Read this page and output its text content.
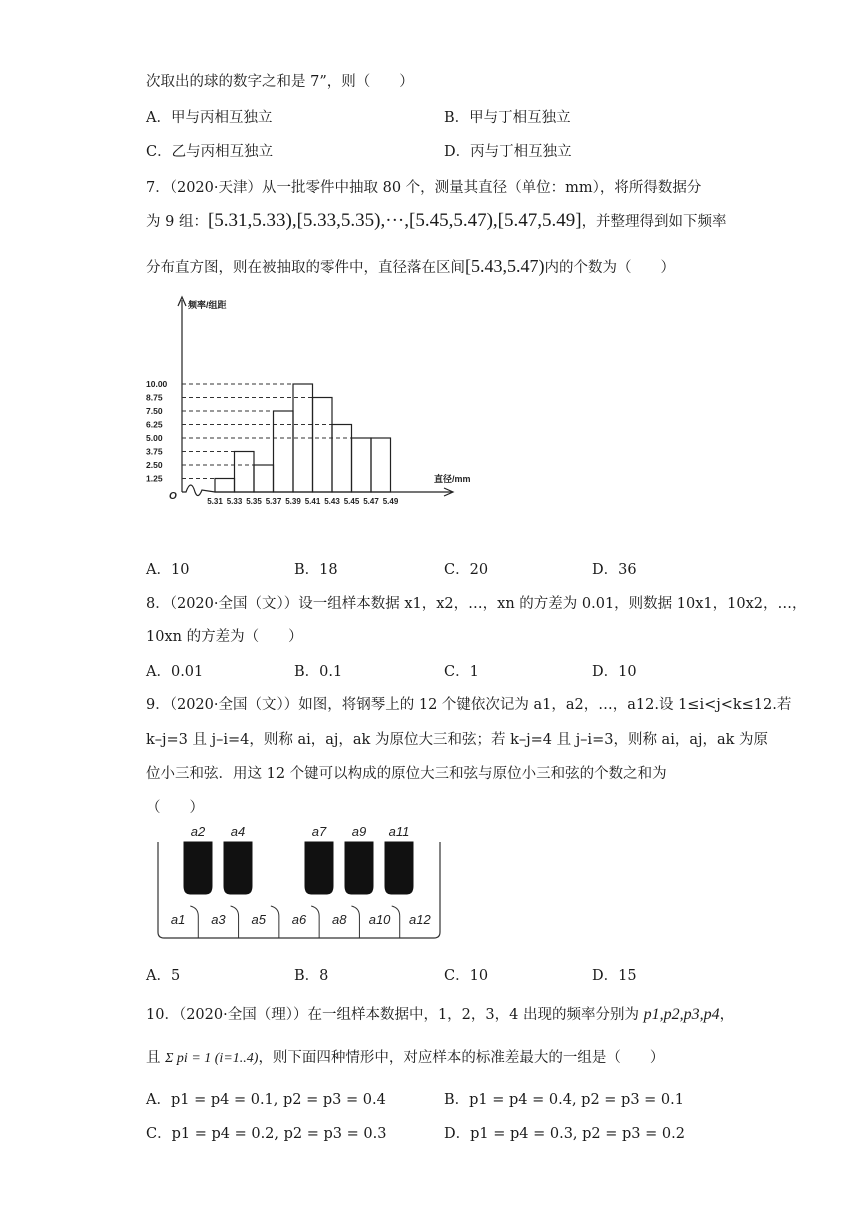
次取出的球的数字之和是 7”，则（　　）
A．甲与丙相互独立	B．甲与丁相互独立
C．乙与丙相互独立	D．丙与丁相互独立
7．（2020·天津）从一批零件中抽取 80 个，测量其直径（单位：mm），将所得数据分
为 9 组：[5.31,5.33),[5.33,5.35),···,[5.45,5.47),[5.47,5.49]，并整理得到如下频率
分布直方图，则在被抽取的零件中，直径落在区间[5.43,5.47)内的个数为（　　）
频率/组距
直径/mm
O
1.25
2.50
3.75
5.00
6.25
7.50
8.75
10.00
5.31 5.33 5.35 5.37 5.39 5.41 5.43 5.45 5.47 5.49
A．10	B．18	C．20	D．36
8．（2020·全国（文））设一组样本数据 x1，x2，…，xn 的方差为 0.01，则数据 10x1，10x2，…，
10xn 的方差为（　　）
A．0.01	B．0.1	C．1	D．10
9．（2020·全国（文））如图，将钢琴上的 12 个键依次记为 a1，a2，…，a12.设 1≤i<j<k≤12.若
k–j=3 且 j–i=4，则称 ai，aj，ak 为原位大三和弦；若 k–j=4 且 j–i=3，则称 ai，aj，ak 为原
位小三和弦．用这 12 个键可以构成的原位大三和弦与原位小三和弦的个数之和为
（　　）
a1 a3 a5 a6 a8 a10 a12
a2 a4	a7 a9 a11
A．5	B．8	C．10	D．15
10．（2020·全国（理））在一组样本数据中，1，2，3，4 出现的频率分别为 p1,p2,p3,p4，
且 Σ pi = 1 (i=1..4)，则下面四种情形中，对应样本的标准差最大的一组是（　　）
A．p1 = p4 = 0.1, p2 = p3 = 0.4	B．p1 = p4 = 0.4, p2 = p3 = 0.1
C．p1 = p4 = 0.2, p2 = p3 = 0.3	D．p1 = p4 = 0.3, p2 = p3 = 0.2
